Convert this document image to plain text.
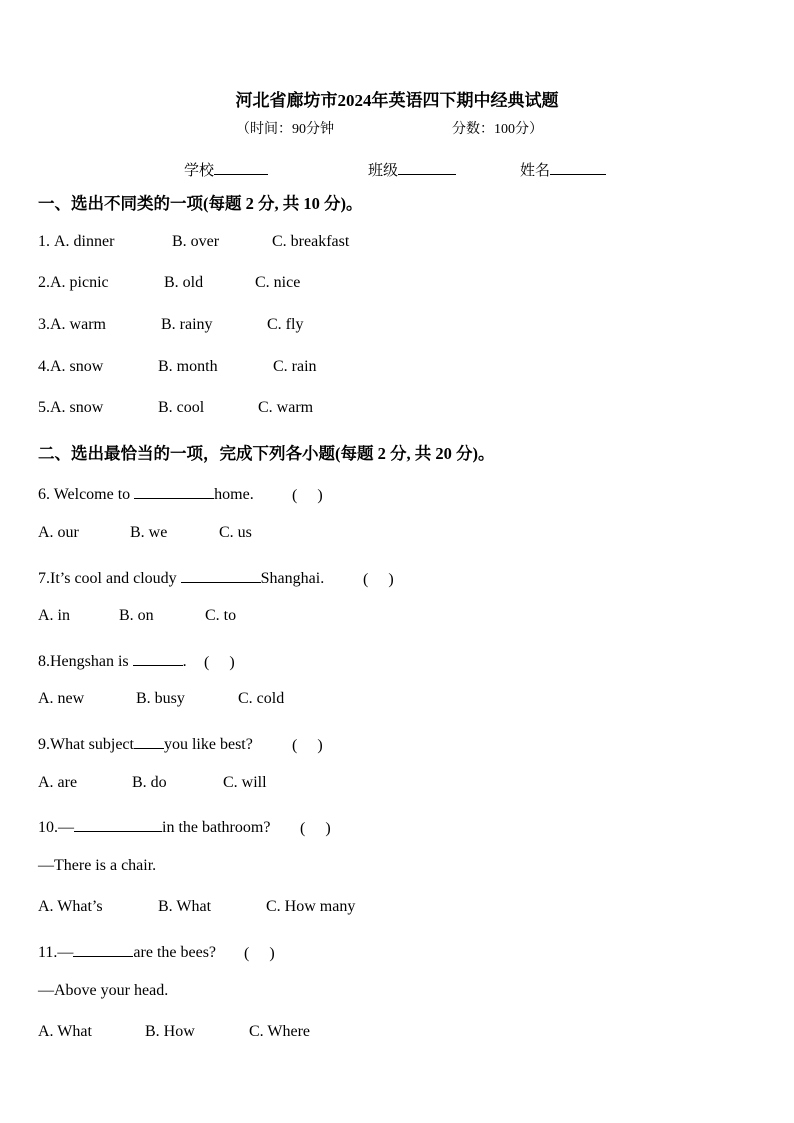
河北省廊坊市2024年英语四下期中经典试题
（时间：90分钟	分数：100分）
学校	班级	姓名
一、选出不同类的一项(每题 2 分, 共 10 分)。
1. A. dinner	B. over	C. breakfast
2.A. picnic	B. old	C. nice
3.A. warm	B. rainy	C. fly
4.A. snow	B. month	C. rain
5.A. snow	B. cool	C. warm
二、选出最恰当的一项，完成下列各小题(每题 2 分, 共 20 分)。
6. Welcome to	home. (　 )
A. our	B. we	C. us
7.It’s cool and cloudy	Shanghai. (　 )
A. in	B. on	C. to
8.Hengshan is	. (　 )
A. new	B. busy	C. cold
9.What subject you like best? (　 )
A. are	B. do	C. will
10.—	in the bathroom? (　 )
—There is a chair.
A. What’s	B. What	C. How many
11.—	are the bees? (　 )
—Above your head.
A. What	B. How	C. Where
